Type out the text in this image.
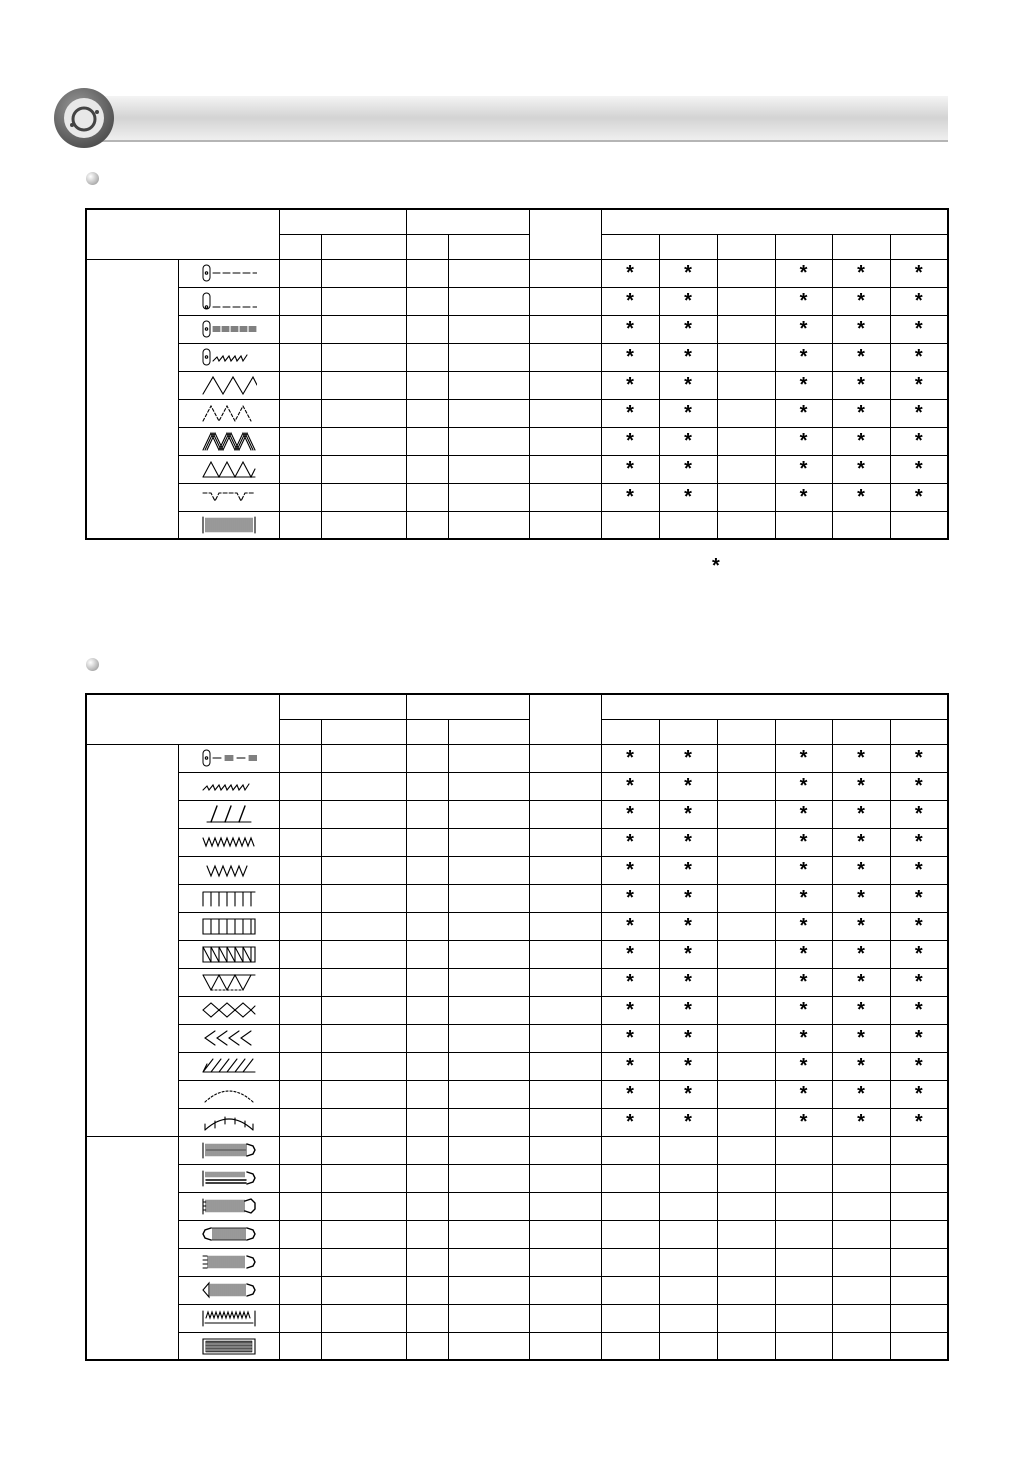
*

						*	*		*	*	*

						*	*		*	*	*

						*	*		*	*	*

						*	*		*	*	*

						*	*		*	*	*

						*	*		*	*	*

						*	*		*	*	*

						*	*		*	*	*

						*	*		*	*	*

						*	*		*	*	*

						*	*		*	*	*

						*	*		*	*	*

						*	*		*	*	*

						*	*		*	*	*

						*	*		*	*	*

						*	*		*	*	*

						*	*		*	*	*

						*	*		*	*	*

						*	*		*	*	*

						*	*		*	*	*

						*	*		*	*	*

						*	*		*	*	*

						*	*		*	*	*
